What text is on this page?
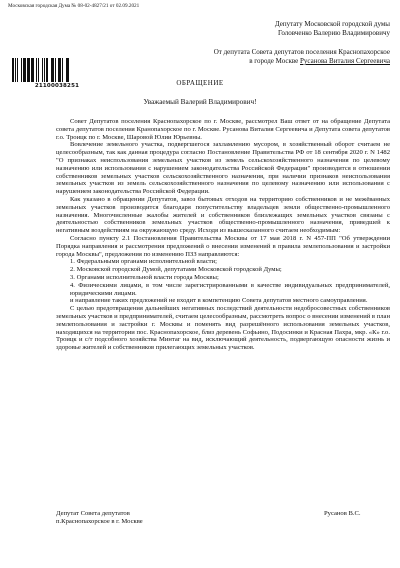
Московская городская Дума № 08-02-4827/21 от 02.09.2021
Депутату Московской городской думы
Головченко Валерию Владимировичу
От депутата Совета депутатов поселения Краснопахорское
в городе Москве Русанова Виталия Сергеевича
21100038251	ОБРАЩЕНИЕ
Уважаемый Валерий Владимирович!

Совет Депутатов поселения Краснопахорское по г. Москве, рассмотрел Ваш ответ от на обращение Депутата совета депутатов поселения Кранопахорское по г. Москве. Русанова Виталия Сергеевича и Депутата совета депутатов г.о. Троицк по г. Москве, Шаровой Юлии Юрьевны.

Вовлечение земельного участка, подвергшегося захламлению мусором, в хозяйственный оборот считаем не целесообразным, так как данная процедура согласно Постановление Правительства РФ от 18 сентября 2020 г. N 1482 "О признаках неиспользования земельных участков из земель сельскохозяйственного назначения по целевому назначению или использования с нарушением законодательства Российской Федерации" производится в отношении собственников земельных участков сельскохозяйственного назначения, при наличии признаков неиспользования земельных участков из земель сельскохозяйственного назначения по целевому назначению или использования с нарушением законодательства Российской Федерации.

Как указано в обращении Депутатов, завоз бытовых отходов на территорию собственников и не межёванных земельных участков производится благодаря попустительству владельцев земли общественно-промышленного назначения. Многочисленные жалобы жителей и собственников близлежащих земельных участков связаны с деятельностью собственников земельных участков общественно-промышленного назначения, приведшей к негативным воздействиям на окружающую среду. Исходя из вышесказанного считаем необходимым:

Согласно пункту 2.1 Постановления Правительства Москвы от 17 мая 2018 г. N 457-ПП "Об утверждении Порядка направления и рассмотрения предложений о внесении изменений в правила землепользования и застройки города Москвы", предложения по изменению ПЗЗ направляются:

1. Федеральными органами исполнительной власти;

2. Московской городской Думой, депутатами Московской городской Думы;

3. Органами исполнительной власти города Москвы;

4. Физическими лицами, в том числе зарегистрированными в качестве индивидуальных предпринимателей, юридическими лицами.

и направление таких предложений не входит в компетенцию Совета депутатов местного самоуправления.

С целью предотвращения дальнейших негативных последствий деятельности недобросовестных собственников земельных участков и предпринимателей, считаем целесообразным, рассмотреть вопрос о внесении изменений в план землепользования и застройки г. Москвы и поменять вид разрешённого использования земельных участков, находящихся на территории пос. Краснопахорское, близ деревень Софьино, Подосинки и Красная Пахра, мкр. «К» г.о. Троицк и с/т подсобного хозяйства Минтаг на вид, исключающий деятельность, подвергающую опасности жизнь и здоровье жителей и собственников прилегающих земельных участков.

Депутат Совета депутатов
п.Краснопахорское в г. Москве
Русанов В.С.
